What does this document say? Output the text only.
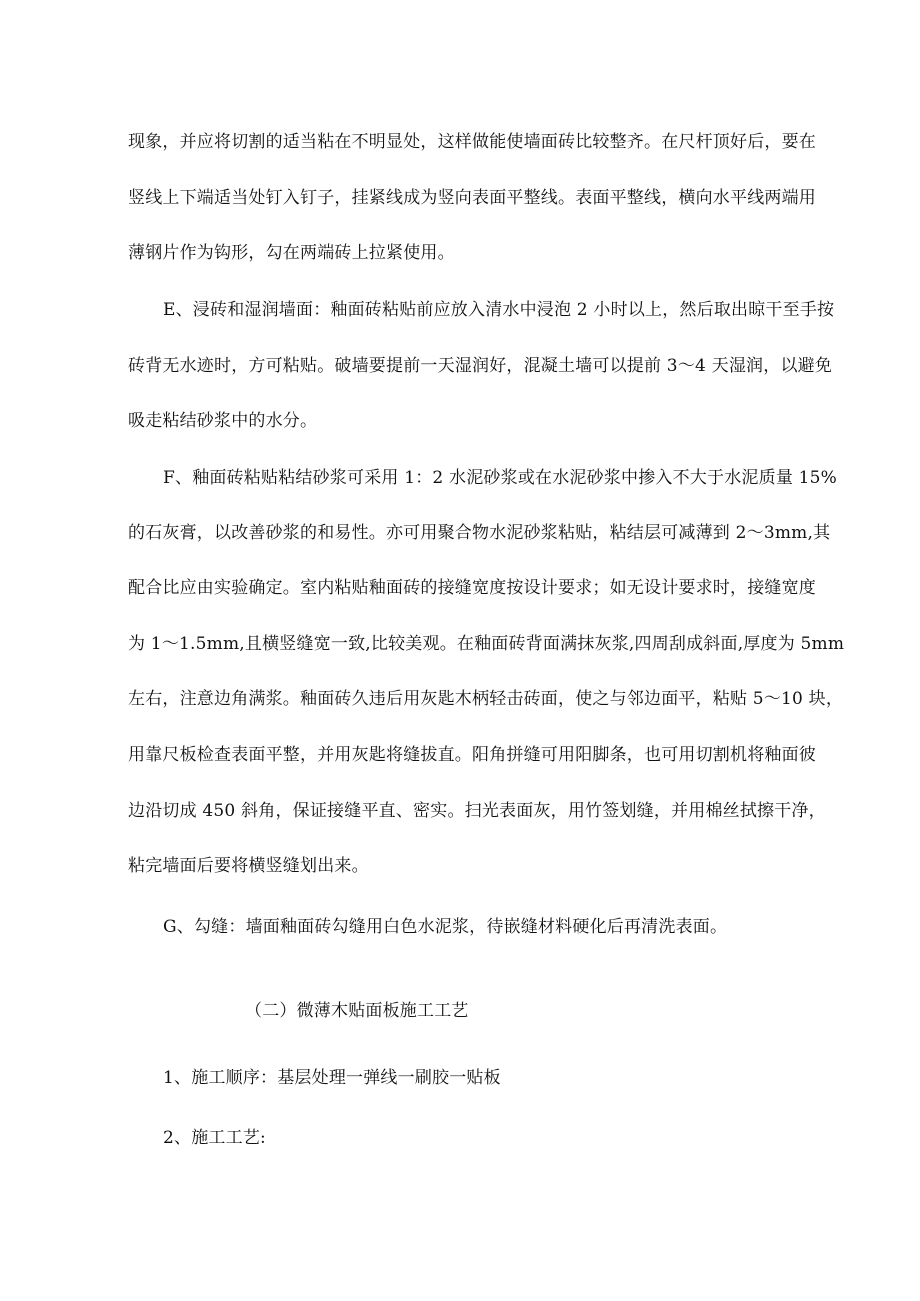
现象，并应将切割的适当粘在不明显处，这样做能使墙面砖比较整齐。在尺杆顶好后，要在
竖线上下端适当处钉入钉子，挂紧线成为竖向表面平整线。表面平整线，横向水平线两端用
薄钢片作为钩形，勾在两端砖上拉紧使用。
E、浸砖和湿润墙面：釉面砖粘贴前应放入清水中浸泡 2 小时以上，然后取出晾干至手按
砖背无水迹时，方可粘贴。破墙要提前一天湿润好，混凝土墙可以提前 3～4 天湿润，以避免
吸走粘结砂浆中的水分。
F、釉面砖粘贴粘结砂浆可采用 1：2 水泥砂浆或在水泥砂浆中掺入不大于水泥质量 15%
的石灰膏，以改善砂浆的和易性。亦可用聚合物水泥砂浆粘贴，粘结层可减薄到 2～3mm,其
配合比应由实验确定。室内粘贴釉面砖的接缝宽度按设计要求；如无设计要求时，接缝宽度
为 1～1.5mm,且横竖缝宽一致,比较美观。在釉面砖背面满抹灰浆,四周刮成斜面,厚度为 5mm
左右，注意边角满浆。釉面砖久违后用灰匙木柄轻击砖面，使之与邻边面平，粘贴 5～10 块，
用靠尺板检查表面平整，并用灰匙将缝拔直。阳角拼缝可用阳脚条，也可用切割机将釉面彼
边沿切成 450 斜角，保证接缝平直、密实。扫光表面灰，用竹签划缝，并用棉丝拭擦干净，
粘完墙面后要将横竖缝划出来。
G、勾缝：墙面釉面砖勾缝用白色水泥浆，待嵌缝材料硬化后再清洗表面。
（二）微薄木贴面板施工工艺
1、施工顺序：基层处理一弹线一刷胶一贴板
2、施工工艺:
